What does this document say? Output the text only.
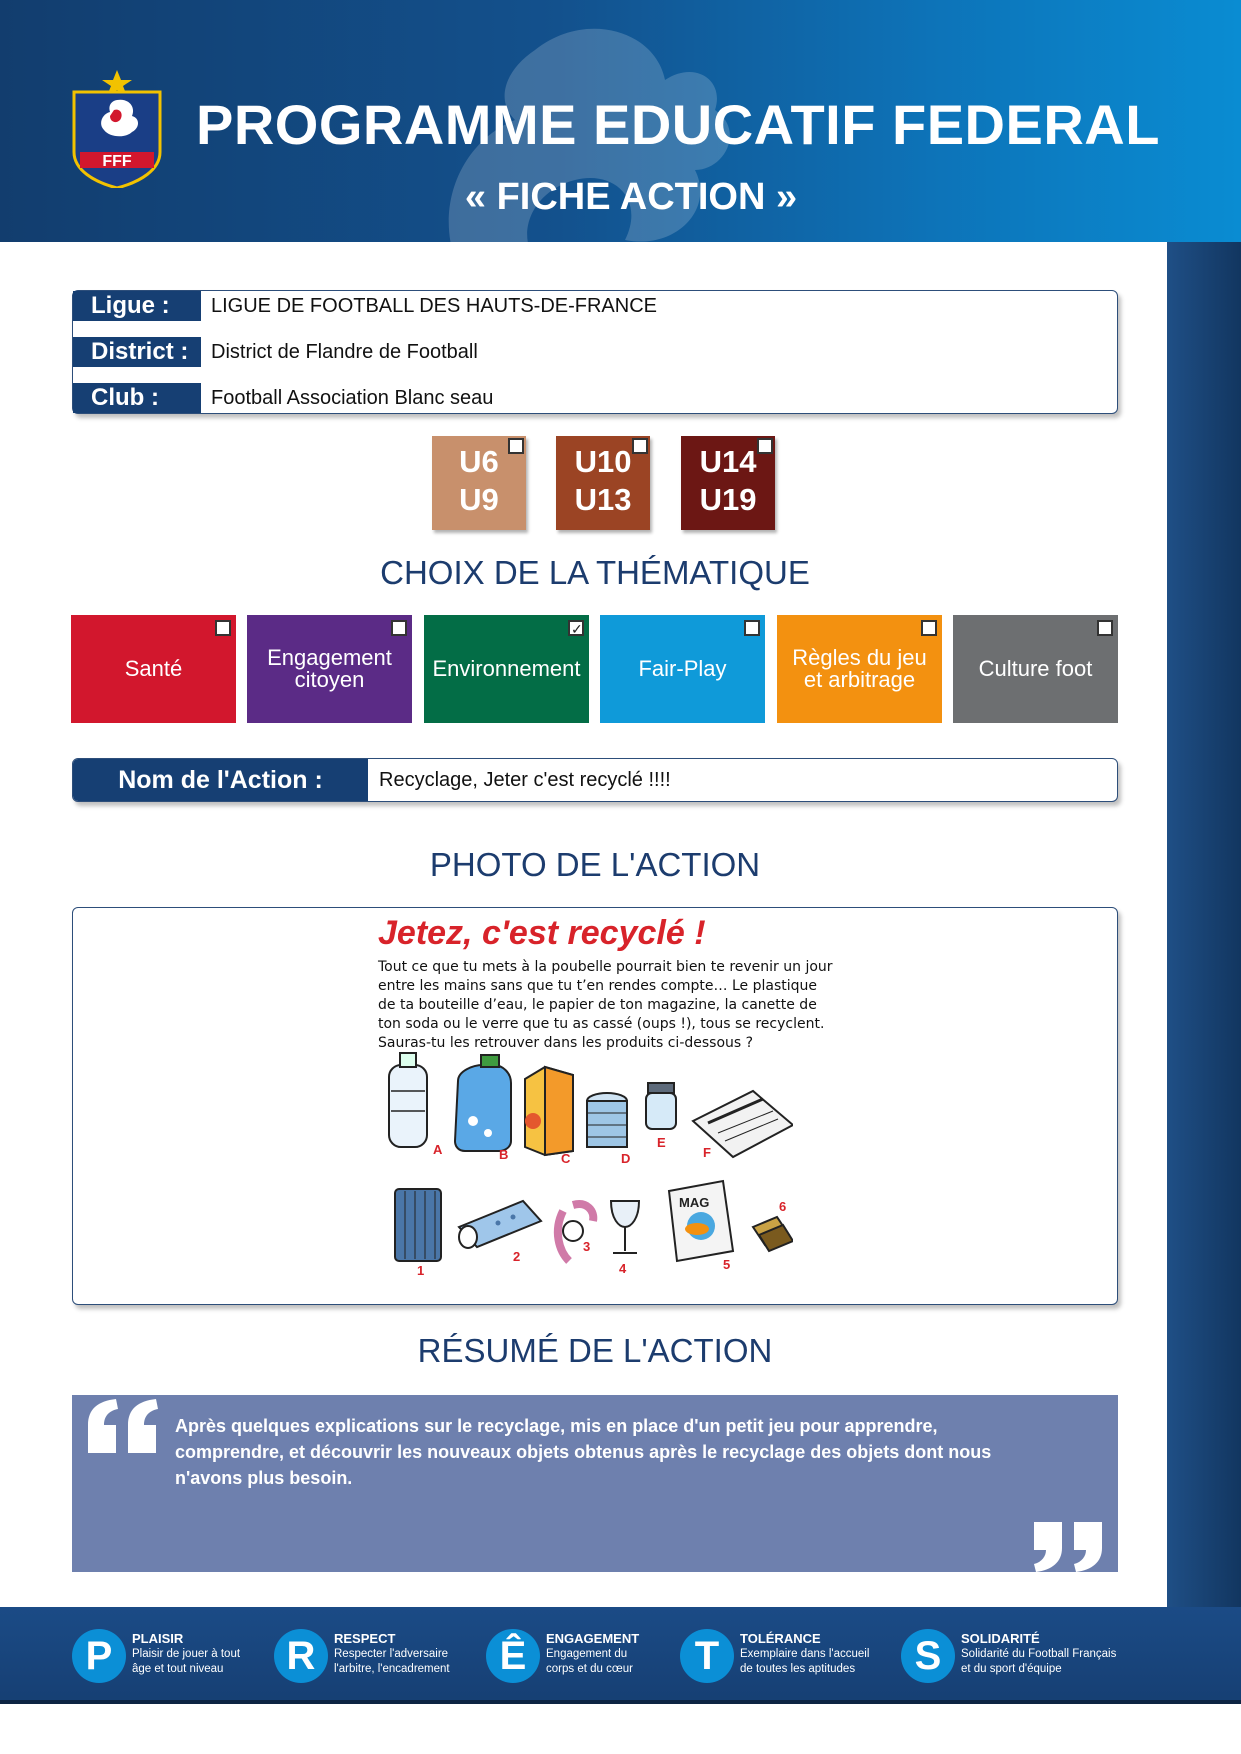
FFF
PROGRAMME EDUCATIF FEDERAL
« FICHE ACTION »
Ligue :	LIGUE DE FOOTBALL DES HAUTS-DE-FRANCE
District :	District de Flandre de Football
Club :	Football Association Blanc seau
U6
U9
U10
U13
U14
U19
CHOIX DE LA THÉMATIQUE
Santé	Engagement citoyen	Environnement
✓	Fair-Play	Règles du jeu et arbitrage	Culture foot
Nom de l'Action :	Recyclage, Jeter c'est recyclé !!!!
PHOTO DE L'ACTION
Jetez, c'est recyclé !
Tout ce que tu mets à la poubelle pourrait bien te revenir un jour entre les mains sans que tu t’en rendes compte… Le plastique de ta bouteille d’eau, le papier de ton magazine, la canette de ton soda ou le verre que tu as cassé (oups !), tous se recyclent. Sauras-tu les retrouver dans les produits ci-dessous ?
A	B	C	D
E
F
1
2
3
4
MAG
5
6
RÉSUMÉ DE L'ACTION
Après quelques explications sur le recyclage, mis en place d'un petit jeu pour apprendre, comprendre, et découvrir les nouveaux objets obtenus après le recyclage des objets dont nous n'avons plus besoin.
P	PLAISIR
Plaisir de jouer à tout
âge et tout niveau	R	RESPECT
Respecter l'adversaire
l'arbitre, l'encadrement	Ê	ENGAGEMENT
Engagement du
corps et du cœur	T	TOLÉRANCE
Exemplaire dans l'accueil
de toutes les aptitudes	S	SOLIDARITÉ
Solidarité du Football Français
et du sport d'équipe
